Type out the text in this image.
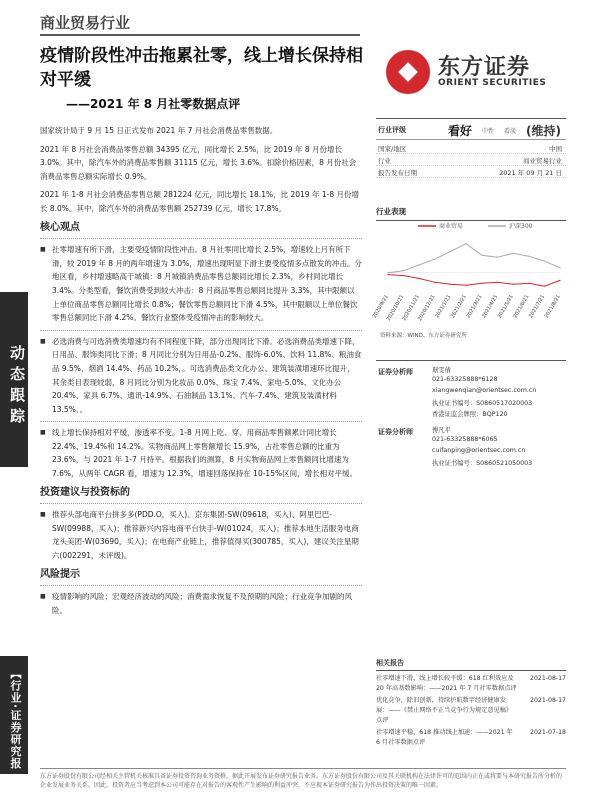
动态跟踪
【行业·证券研究报
商业贸易行业
疫情阶段性冲击拖累社零，线上增长保持相对平缓
——2021 年 8 月社零数据点评
东方证券
ORIENT SECURITIES

国家统计局于 9 月 15 日正式发布 2021 年 7 月社会消费品零售数据。

2021 年 8 月社会消费品零售总额 34395 亿元，同比增长 2.5%，比 2019 年 8 月份增长 3.0%。其中，除汽车外的消费品零售额 31115 亿元，增长 3.6%。扣除价格因素，8 月份社会消费品零售总额实际增长 0.9%。

2021 年 1-8 月社会消费品零售总额 281224 亿元，同比增长 18.1%，比 2019 年 1-8 月份增长 8.0%。其中，除汽车外的消费品零售额 252739 亿元，增长 17.8%。

核心观点
■ 社零增速有所下滑，主要受疫情阶段性冲击。8 月社零同比增长 2.5%，增速较上月有所下滑，较 2019 年 8 月的两年增速为 3.0%，增速出现明显下滑主要受疫情多点散发的冲击。分地区看，乡村增速略高于城镇：8 月城镇消费品零售总额同比增长 2.3%，乡村同比增长 3.4%。分类型看，餐饮消费受到较大冲击：8 月商品零售总额同比提升 3.3%，其中限额以上单位商品零售总额同比增长 0.8%；餐饮零售总额同比下滑 4.5%，其中限额以上单位餐饮零售总额同比下滑 4.2%。餐饮行业整体受疫情冲击的影响较大。
■ 必选消费与可选消费类增速均有不同程度下降，部分出现同比下滑。必选消费品类增速下降，日用品、服饰类同比下滑；8 月同比分别为日用品-0.2%、服饰-6.0%、饮料 11.8%、粮油食品 9.5%、烟酒 14.4%、药品 10.2%，。可选消费品类文化办公、建筑装潢增速环比提升，其余类目表现较弱，8 月同比分别为化妆品 0.0%、珠宝 7.4%、家电-5.0%、文化办公 20.4%、家具 6.7%、通讯-14.9%、石油制品 13.1%、汽车-7.4%、建筑及装潢材料 13.5%，。
■ 线上增长保持相对平缓，渗透率不变。1-8 月网上吃、穿、用商品零售额累计同比增长 22.4%、19.4%和 14.2%。实物商品网上零售额增长 15.9%，占社零售总额的比重为 23.6%，与 2021 年 1-7 月持平。根据我们的测算，8 月实物商品网上零售额同比增速为 7.6%，从两年 CAGR 看，增速为 12.3%，增速回落保持在 10-15%区间，增长相对平缓。
投资建议与投资标的
■ 推荐头部电商平台拼多多(PDD.O，买入)、京东集团-SW(09618，买入)、阿里巴巴-SW(09988，买入)；推荐新兴内容电商平台快手-W(01024，买入)；推荐本地生活服务电商龙头美团-W(03690，买入)；在电商产业链上，推荐值得买(300785，买入)，建议关注星期六(002291，未评级)。
风险提示
■ 疫情影响的风险；宏观经济波动的风险；消费需求恢复不及预期的风险；行业竞争加剧的风险。
行业评级	看好 中性 看淡 (维持)
国家/地区	中国
行业	商业贸易行业
报告发布日期	2021 年 09 月 21 日
行业表现
商业贸易	沪深300
2020/9/21
2020/10/21
2020/11/21
2020/12/21
2021/1/21
2021/2/21
2021/3/21
2021/4/21
2021/5/21
2021/6/21
2021/7/21
2021/8/21
资料来源：WIND、东方证券研究所
证券分析师	琚雯倩
021-63325888*6128
xiangwenqian@orientsec.com.cn
执业证书编号：S0860517020003
香港证监会牌照：BQP120
证券分析师	傅凡平
021-63325888*6065
cuifanping@orientsec.com.cn
执业证书编号：S0860521050003
相关报告
社零增速下滑，线上增长较平缓：618 红利效应及 20 年高基数影响：——2021 年 7 月社零数据点评
2021-08-17
优化竞争，除旧创新，持续护航数字经济健康发展：——《禁止网络不正当竞争行为规定意见稿》点评
2021-08-17
社零增速平稳，618 推动线上加速：——2021 年 6 月社零数据点评
2021-07-18
东方证券股份有限公司经相关主管机关核准具备证券投资咨询业务资格，据此开展发布证券研究报告业务。东方证券股份有限公司及其关联机构在法律许可的范围内正在或将要与本研究报告所分析的企业发展业务关系。因此，投资者应当考虑到本公司可能存在对报告的客观性产生影响的利益冲突，不应视本证券研究报告为作出投资决策的唯一因素。
